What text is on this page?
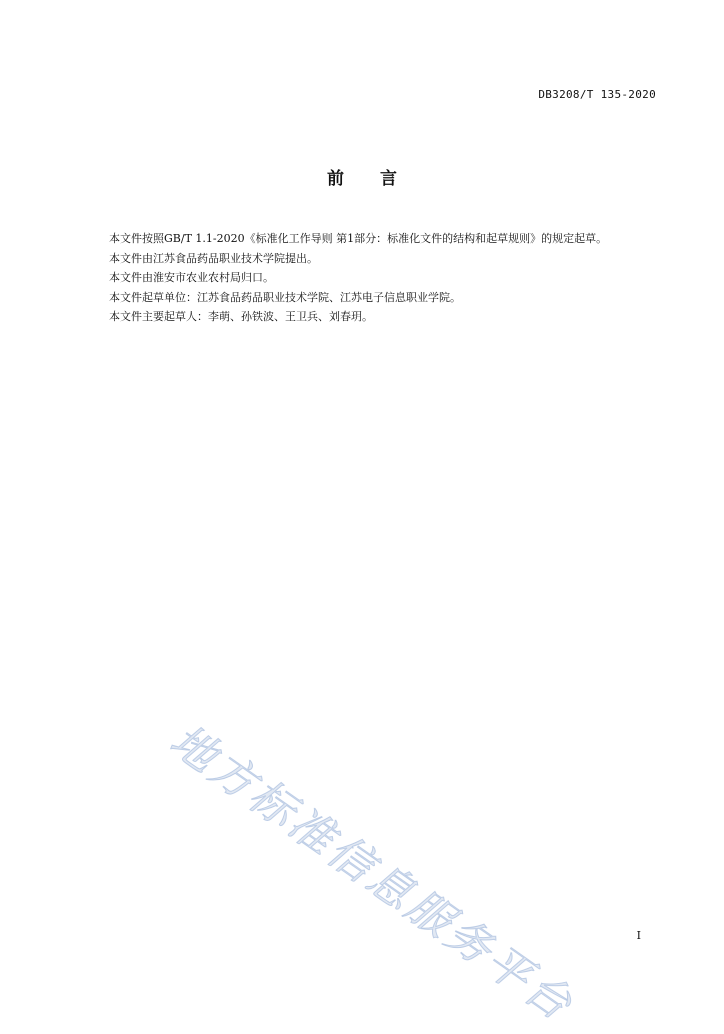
DB3208/T 135-2020
前言

本文件按照GB/T 1.1-2020《标准化工作导则 第1部分：标准化文件的结构和起草规则》的规定起草。

本文件由江苏食品药品职业技术学院提出。

本文件由淮安市农业农村局归口。

本文件起草单位：江苏食品药品职业技术学院、江苏电子信息职业学院。

本文件主要起草人：李萌、孙铁波、王卫兵、刘春玥。

地方标准信息服务平台	I
